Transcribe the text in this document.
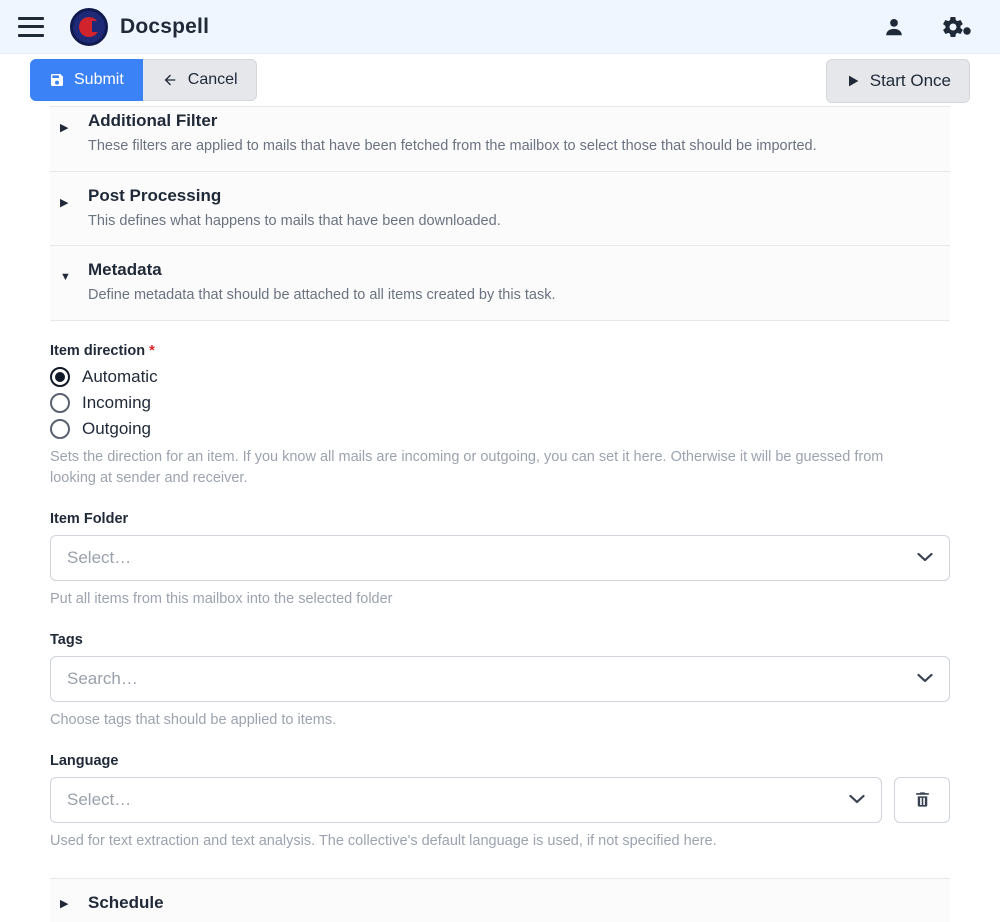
Docspell
Submit	Cancel	Start Once
▶	Additional Filter
These filters are applied to mails that have been fetched from the mailbox to select those that should be imported.
▶	Post Processing
This defines what happens to mails that have been downloaded.
▼ Metadata
Define metadata that should be attached to all items created by this task.
Item direction *
Automatic
Incoming
Outgoing
Sets the direction for an item. If you know all mails are incoming or outgoing, you can set it here. Otherwise it will be guessed from looking at sender and receiver.
Item Folder
Select…
Put all items from this mailbox into the selected folder
Tags
Search…
Choose tags that should be applied to items.
Language
Select…
Used for text extraction and text analysis. The collective's default language is used, if not specified here.
▶	Schedule
